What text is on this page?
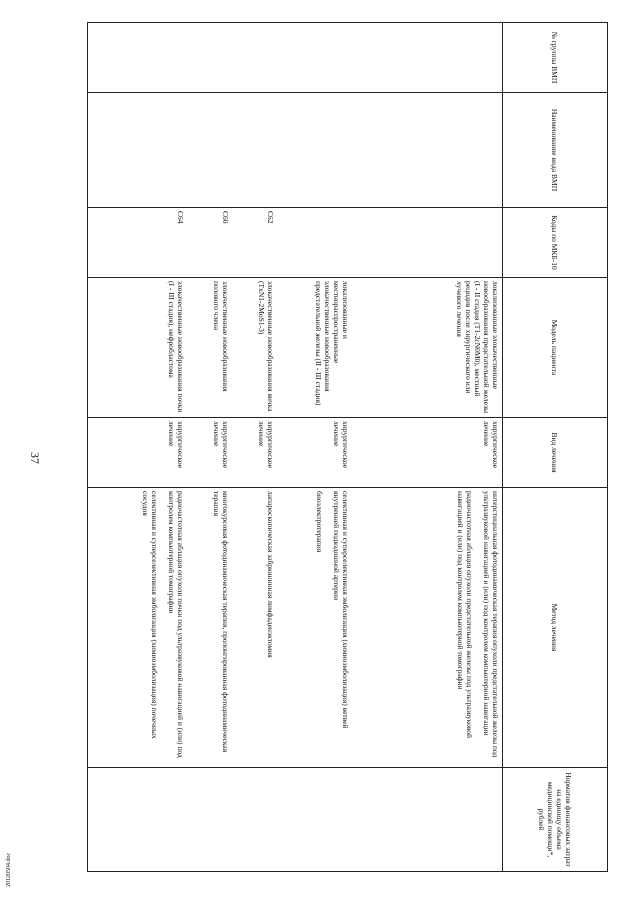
37
№ группы ВМП	Наименование вида ВМП	Коды по МКБ-10	Модель пациента	Вид лечения	Метод лечения	Норматив финансовых затрат на единицу объема медицинской помощи*, рублей
			локализованные злокачественные новообразования предстательной железы (I - II стадия (T1-2cN0M0), местный рецидив после хирургического или лучевого лечения	хирургическое лечение	интерстициальная фотодинамическая терапия опухоли предстательной железы под ультразвуковой навигацией и (или) под контролем компьютерной навигации
радиочастотная аблация опухоли предстательной железы под ультразвуковой навигацией и (или) под контролем компьютерной томографии	

			локализованные и местнораспространенные злокачественные новообразования предстательной железы (II - III стадия)	хирургическое лечение	селективная и суперселективная эмболизация (химиоэмболизация) ветвей внутренней подвздошной артерии
биоэлектротерапия	

		C62	злокачественные новообразования яичка (TxN1-2MoS1-3)	хирургическое лечение	лапароскопическая забрюшинная лимфаденэктомия	

		C60	злокачественные новообразования полового члена	хирургическое лечение	многокурсовая фотодинамическая терапия, пролонгированная фотодинамическая терапия	

		C64	злокачественные новообразования почки (I - III стадия), нефробластома	хирургическое лечение	радиочастотная аблация опухоли почки под ультразвуковой навигацией и (или) под контролем компьютерной томографии
селективная и суперселективная эмболизация (химиоэмболизация) почечных сосудов	

20120504.doc
